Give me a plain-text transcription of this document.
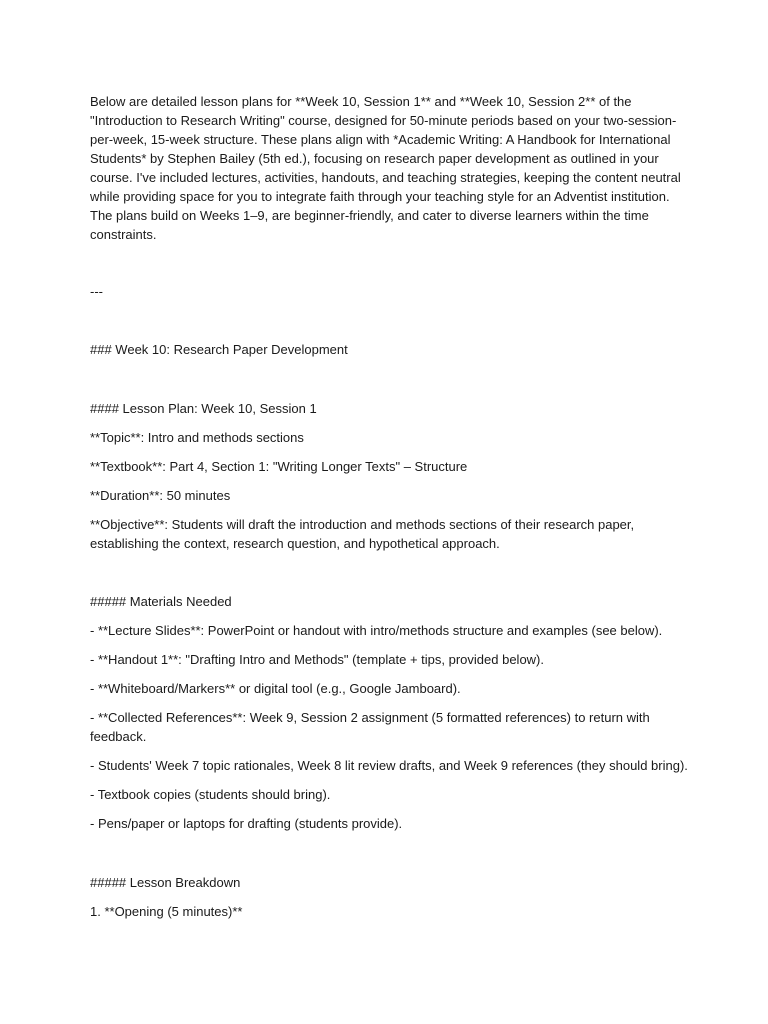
Below are detailed lesson plans for **Week 10, Session 1** and **Week 10, Session 2** of the
"Introduction to Research Writing" course, designed for 50-minute periods based on your two-session-
per-week, 15-week structure. These plans align with *Academic Writing: A Handbook for International
Students* by Stephen Bailey (5th ed.), focusing on research paper development as outlined in your
course. I've included lectures, activities, handouts, and teaching strategies, keeping the content neutral
while providing space for you to integrate faith through your teaching style for an Adventist institution.
The plans build on Weeks 1–9, are beginner-friendly, and cater to diverse learners within the time
constraints.
---
### Week 10: Research Paper Development
#### Lesson Plan: Week 10, Session 1
**Topic**: Intro and methods sections
**Textbook**: Part 4, Section 1: "Writing Longer Texts" – Structure
**Duration**: 50 minutes
**Objective**: Students will draft the introduction and methods sections of their research paper,
establishing the context, research question, and hypothetical approach.
##### Materials Needed
- **Lecture Slides**: PowerPoint or handout with intro/methods structure and examples (see below).
- **Handout 1**: "Drafting Intro and Methods" (template + tips, provided below).
- **Whiteboard/Markers** or digital tool (e.g., Google Jamboard).
- **Collected References**: Week 9, Session 2 assignment (5 formatted references) to return with
feedback.
- Students' Week 7 topic rationales, Week 8 lit review drafts, and Week 9 references (they should bring).
- Textbook copies (students should bring).
- Pens/paper or laptops for drafting (students provide).
##### Lesson Breakdown
1. **Opening (5 minutes)**
